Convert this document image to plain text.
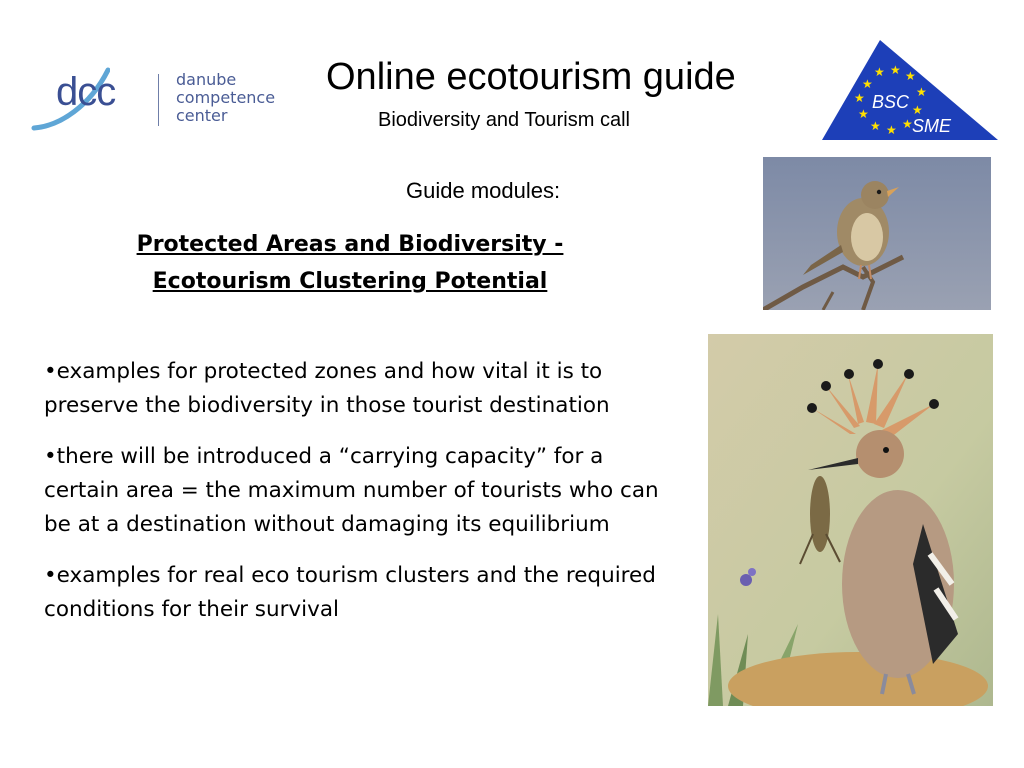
dcc	danube
competence
center
Online ecotourism guide
Biodiversity and Tourism call
★ ★ ★
★
★
★
★ ★ ★
★
★
BSC
SME
Guide modules:
Protected Areas and Biodiversity -
Ecotourism Clustering Potential
•examples for protected zones and how vital it is to preserve the biodiversity in those tourist destination
•there will be introduced a “carrying capacity” for a certain area = the maximum number of tourists who can be at a destination without damaging its equilibrium
•examples for real eco tourism clusters and the required conditions for their survival
